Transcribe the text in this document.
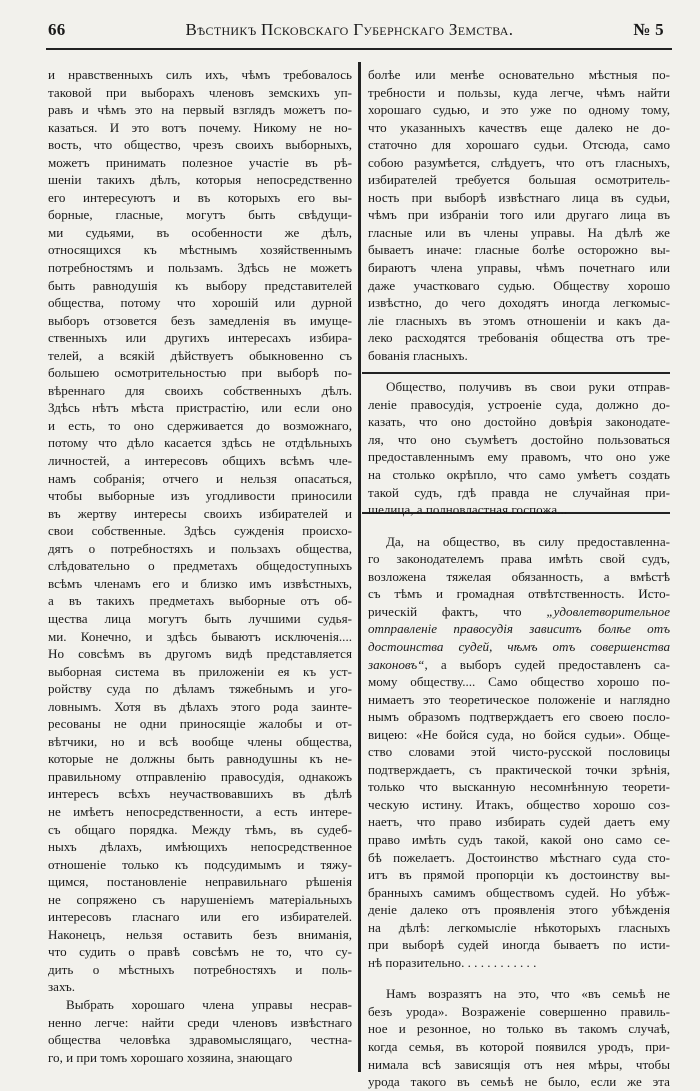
66	Вѣстникъ Псковскаго Губернскаго Земства.	№ 5
и нравственныхъ силъ ихъ, чѣмъ требовалось
таковой при выборахъ членовъ земскихъ уп-
равъ и чѣмъ это на первый взглядъ можетъ по-
казаться. И это вотъ почему. Никому не но-
вость, что общество, чрезъ своихъ выборныхъ,
можетъ принимать полезное участіе въ рѣ-
шеніи такихъ дѣлъ, которыя непосредственно
его интересуютъ и въ которыхъ его вы-
борные, гласные, могутъ быть свѣдущи-
ми судьями, въ особенности же дѣлъ,
относящихся къ мѣстнымъ хозяйственнымъ
потребностямъ и пользамъ. Здѣсь не можетъ
быть равнодушія къ выбору представителей
общества, потому что хорошій или дурной
выборъ отзовется безъ замедленія въ имуще-
ственныхъ или другихъ интересахъ избира-
телей, а всякій дѣйствуетъ обыкновенно съ
большею осмотрительностью при выборѣ по-
вѣреннаго для своихъ собственныхъ дѣлъ.
Здѣсь нѣтъ мѣста пристрастію, или если оно
и есть, то оно сдерживается до возможнаго,
потому что дѣло касается здѣсь не отдѣльныхъ
личностей, а интересовъ общихъ всѣмъ чле-
намъ собранія; отчего и нельзя опасаться,
чтобы выборные изъ угодливости приносили
въ жертву интересы своихъ избирателей и
свои собственные. Здѣсь сужденія происхо-
дятъ о потребностяхъ и пользахъ общества,
слѣдовательно о предметахъ общедоступныхъ
всѣмъ членамъ его и близко имъ извѣстныхъ,
а въ такихъ предметахъ выборные отъ об-
щества лица могутъ быть лучшими судья-
ми. Конечно, и здѣсь бываютъ исключенія....
Но совсѣмъ въ другомъ видѣ представляется
выборная система въ приложеніи ея къ уст-
ройству суда по дѣламъ тяжебнымъ и уго-
ловнымъ. Хотя въ дѣлахъ этого рода заинте-
ресованы не одни приносящіе жалобы и от-
вѣтчики, но и всѣ вообще члены общества,
которые не должны быть равнодушны къ не-
правильному отправленію правосудія, однакожъ
интересъ всѣхъ неучаствовавшихъ въ дѣлѣ
не имѣетъ непосредственности, а есть интере-
съ общаго порядка. Между тѣмъ, въ судеб-
ныхъ дѣлахъ, имѣющихъ непосредственное
отношеніе только къ подсудимымъ и тяжу-
щимся, постановленіе неправильнаго рѣшенія
не сопряжено съ нарушеніемъ матеріальныхъ
интересовъ гласнаго или его избирателей.
Наконецъ, нельзя оставить безъ вниманія,
что судить о правѣ совсѣмъ не то, что су-
дить о мѣстныхъ потребностяхъ и поль-
захъ.
Выбрать хорошаго члена управы несрав-
ненно легче: найти среди членовъ извѣстнаго
общества человѣка здравомыслящаго, честна-
го, и при томъ хорошаго хозяина, знающаго
болѣе или менѣе основательно мѣстныя по-
требности и пользы, куда легче, чѣмъ найти
хорошаго судью, и это уже по одному тому,
что указанныхъ качествъ еще далеко не до-
статочно для хорошаго судьи. Отсюда, само
собою разумѣется, слѣдуетъ, что отъ гласныхъ,
избирателей требуется большая осмотритель-
ность при выборѣ извѣстнаго лица въ судьи,
чѣмъ при избраніи того или другаго лица въ
гласные или въ члены управы. На дѣлѣ же
бываетъ иначе: гласные болѣе осторожно вы-
бираютъ члена управы, чѣмъ почетнаго или
даже участковаго судью. Обществу хорошо
извѣстно, до чего доходятъ иногда легкомыс-
ліе гласныхъ въ этомъ отношеніи и какъ да-
леко расходятся требованія общества отъ тре-
бованія гласныхъ.
Общество, получивъ въ свои руки отправ-
леніе правосудія, устроеніе суда, должно до-
казать, что оно достойно довѣрія законодате-
ля, что оно съумѣетъ достойно пользоваться
предоставленнымъ ему правомъ, что оно уже
на столько окрѣпло, что само умѣетъ создать
такой судъ, гдѣ правда не случайная при-
шелица, а полновластная госпожа...
Да, на общество, въ силу предоставленна-
го законодателемъ права имѣть свой судъ,
возложена тяжелая обязанность, а вмѣстѣ
съ тѣмъ и громадная отвѣтственность. Исто-
рическій фактъ, что „удовлетворительное
отправленіе правосудія зависитъ болѣе отъ
достоинства судей, чѣмъ отъ совершенства
законовъ“, а выборъ судей предоставленъ са-
мому обществу.... Само общество хорошо по-
нимаетъ это теоретическое положеніе и наглядно
нымъ образомъ подтверждаетъ его своею посло-
вицею: «Не бойся суда, но бойся судьи». Обще-
ство словами этой чисто-русской пословицы
подтверждаетъ, съ практической точки зрѣнія,
только что высканную несомнѣнную теорети-
ческую истину. Итакъ, общество хорошо соз-
наетъ, что право избирать судей даетъ ему
право имѣть судъ такой, какой оно само се-
бѣ пожелаетъ. Достоинство мѣстнаго суда сто-
итъ въ прямой пропорціи къ достоинству вы-
бранныхъ самимъ обществомъ судей. Но убѣж-
деніе далеко отъ проявленія этого убѣжденія
на дѣлѣ: легкомысліе нѣкоторыхъ гласныхъ
при выборѣ судей иногда бываетъ по исти-
нѣ поразительно. . . . . . . . . . . .
Намъ возразятъ на это, что «въ семьѣ не
безъ урода». Возраженіе совершенно правиль-
ное и резонное, но только въ такомъ случаѣ,
когда семья, въ которой появился уродъ, при-
нимала всѣ зависящія отъ нея мѣры, чтобы
урода такого въ семьѣ не было, если же эта
